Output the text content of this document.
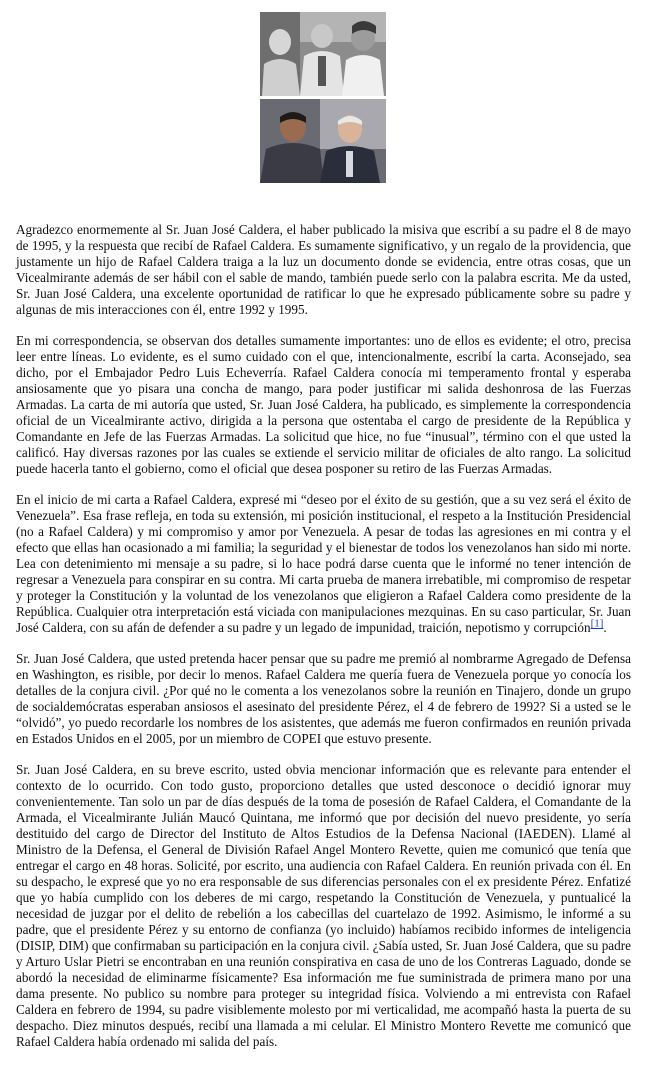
Agradezco enormemente al Sr. Juan José Caldera, el haber publicado la misiva que escribí a su padre el 8 de mayo de 1995, y la respuesta que recibí de Rafael Caldera. Es sumamente significativo, y un regalo de la providencia, que justamente un hijo de Rafael Caldera traiga a la luz un documento donde se evidencia, entre otras cosas, que un Vicealmirante además de ser hábil con el sable de mando, también puede serlo con la palabra escrita. Me da usted, Sr. Juan José Caldera, una excelente oportunidad de ratificar lo que he expresado públicamente sobre su padre y algunas de mis interacciones con él, entre 1992 y 1995.

En mi correspondencia, se observan dos detalles sumamente importantes: uno de ellos es evidente; el otro, precisa leer entre líneas. Lo evidente, es el sumo cuidado con el que, intencionalmente, escribí la carta. Aconsejado, sea dicho, por el Embajador Pedro Luis Echeverría. Rafael Caldera conocía mi temperamento frontal y esperaba ansiosamente que yo pisara una concha de mango, para poder justificar mi salida deshonrosa de las Fuerzas Armadas. La carta de mi autoría que usted, Sr. Juan José Caldera, ha publicado, es simplemente la correspondencia oficial de un Vicealmirante activo, dirigida a la persona que ostentaba el cargo de presidente de la República y Comandante en Jefe de las Fuerzas Armadas. La solicitud que hice, no fue “inusual”, término con el que usted la calificó. Hay diversas razones por las cuales se extiende el servicio militar de oficiales de alto rango. La solicitud puede hacerla tanto el gobierno, como el oficial que desea posponer su retiro de las Fuerzas Armadas.

En el inicio de mi carta a Rafael Caldera, expresé mi “deseo por el éxito de su gestión, que a su vez será el éxito de Venezuela”. Esa frase refleja, en toda su extensión, mi posición institucional, el respeto a la Institución Presidencial (no a Rafael Caldera) y mi compromiso y amor por Venezuela. A pesar de todas las agresiones en mi contra y el efecto que ellas han ocasionado a mi familia; la seguridad y el bienestar de todos los venezolanos han sido mi norte. Lea con detenimiento mi mensaje a su padre, si lo hace podrá darse cuenta que le informé no tener intención de regresar a Venezuela para conspirar en su contra. Mi carta prueba de manera irrebatible, mi compromiso de respetar y proteger la Constitución y la voluntad de los venezolanos que eligieron a Rafael Caldera como presidente de la República. Cualquier otra interpretación está viciada con manipulaciones mezquinas. En su caso particular, Sr. Juan José Caldera, con su afán de defender a su padre y un legado de impunidad, traición, nepotismo y corrupción[1].

Sr. Juan José Caldera, que usted pretenda hacer pensar que su padre me premió al nombrarme Agregado de Defensa en Washington, es risible, por decir lo menos. Rafael Caldera me quería fuera de Venezuela porque yo conocía los detalles de la conjura civil. ¿Por qué no le comenta a los venezolanos sobre la reunión en Tinajero, donde un grupo de socialdemócratas esperaban ansiosos el asesinato del presidente Pérez, el 4 de febrero de 1992? Si a usted se le “olvidó”, yo puedo recordarle los nombres de los asistentes, que además me fueron confirmados en reunión privada en Estados Unidos en el 2005, por un miembro de COPEI que estuvo presente.

Sr. Juan José Caldera, en su breve escrito, usted obvia mencionar información que es relevante para entender el contexto de lo ocurrido. Con todo gusto, proporciono detalles que usted desconoce o decidió ignorar muy convenientemente. Tan solo un par de días después de la toma de posesión de Rafael Caldera, el Comandante de la Armada, el Vicealmirante Julián Maucó Quintana, me informó que por decisión del nuevo presidente, yo sería destituido del cargo de Director del Instituto de Altos Estudios de la Defensa Nacional (IAEDEN). Llamé al Ministro de la Defensa, el General de División Rafael Angel Montero Revette, quien me comunicó que tenía que entregar el cargo en 48 horas. Solicité, por escrito, una audiencia con Rafael Caldera. En reunión privada con él. En su despacho, le expresé que yo no era responsable de sus diferencias personales con el ex presidente Pérez. Enfatizé que yo había cumplido con los deberes de mi cargo, respetando la Constitución de Venezuela, y puntualicé la necesidad de juzgar por el delito de rebelión a los cabecillas del cuartelazo de 1992. Asimismo, le informé a su padre, que el presidente Pérez y su entorno de confianza (yo incluido) habíamos recibido informes de inteligencia (DISIP, DIM) que confirmaban su participación en la conjura civil. ¿Sabía usted, Sr. Juan José Caldera, que su padre y Arturo Uslar Pietri se encontraban en una reunión conspirativa en casa de uno de los Contreras Laguado, donde se abordó la necesidad de eliminarme físicamente? Esa información me fue suministrada de primera mano por una dama presente. No publico su nombre para proteger su integridad física. Volviendo a mi entrevista con Rafael Caldera en febrero de 1994, su padre visiblemente molesto por mi verticalidad, me acompañó hasta la puerta de su despacho. Diez minutos después, recibí una llamada a mi celular. El Ministro Montero Revette me comunicó que Rafael Caldera había ordenado mi salida del país.
